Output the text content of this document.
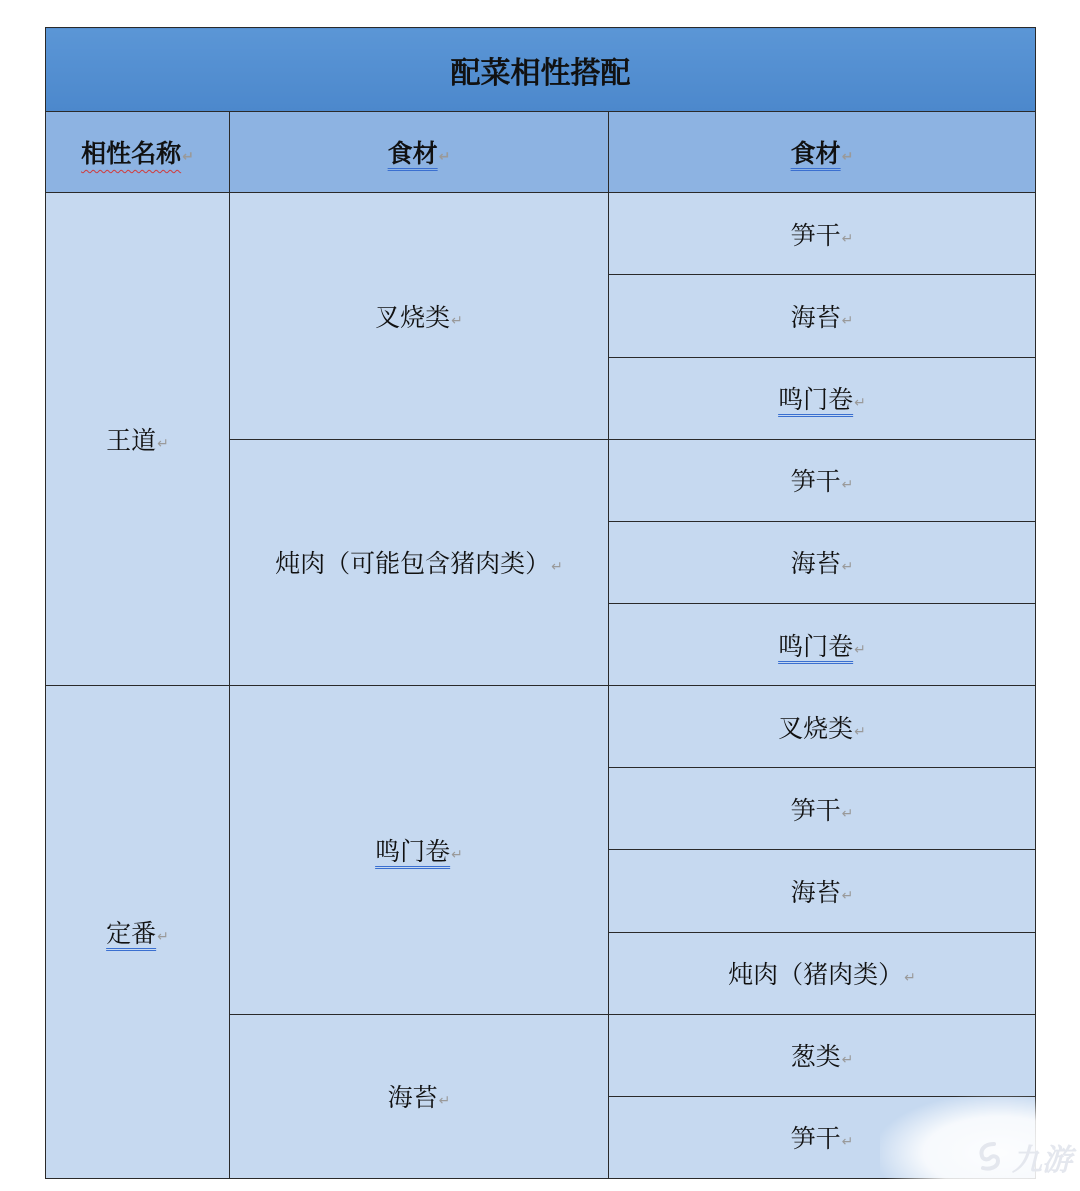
配菜相性搭配		
相性名称↵	食材↵	食材↵
王道↵	叉烧类↵	笋干↵
		海苔↵
		鸣门卷↵
	炖肉（可能包含猪肉类）↵	笋干↵
		海苔↵
		鸣门卷↵
定番↵	鸣门卷↵	叉烧类↵
		笋干↵
		海苔↵
		炖肉（猪肉类）↵
	海苔↵	葱类↵
		笋干↵
九游
